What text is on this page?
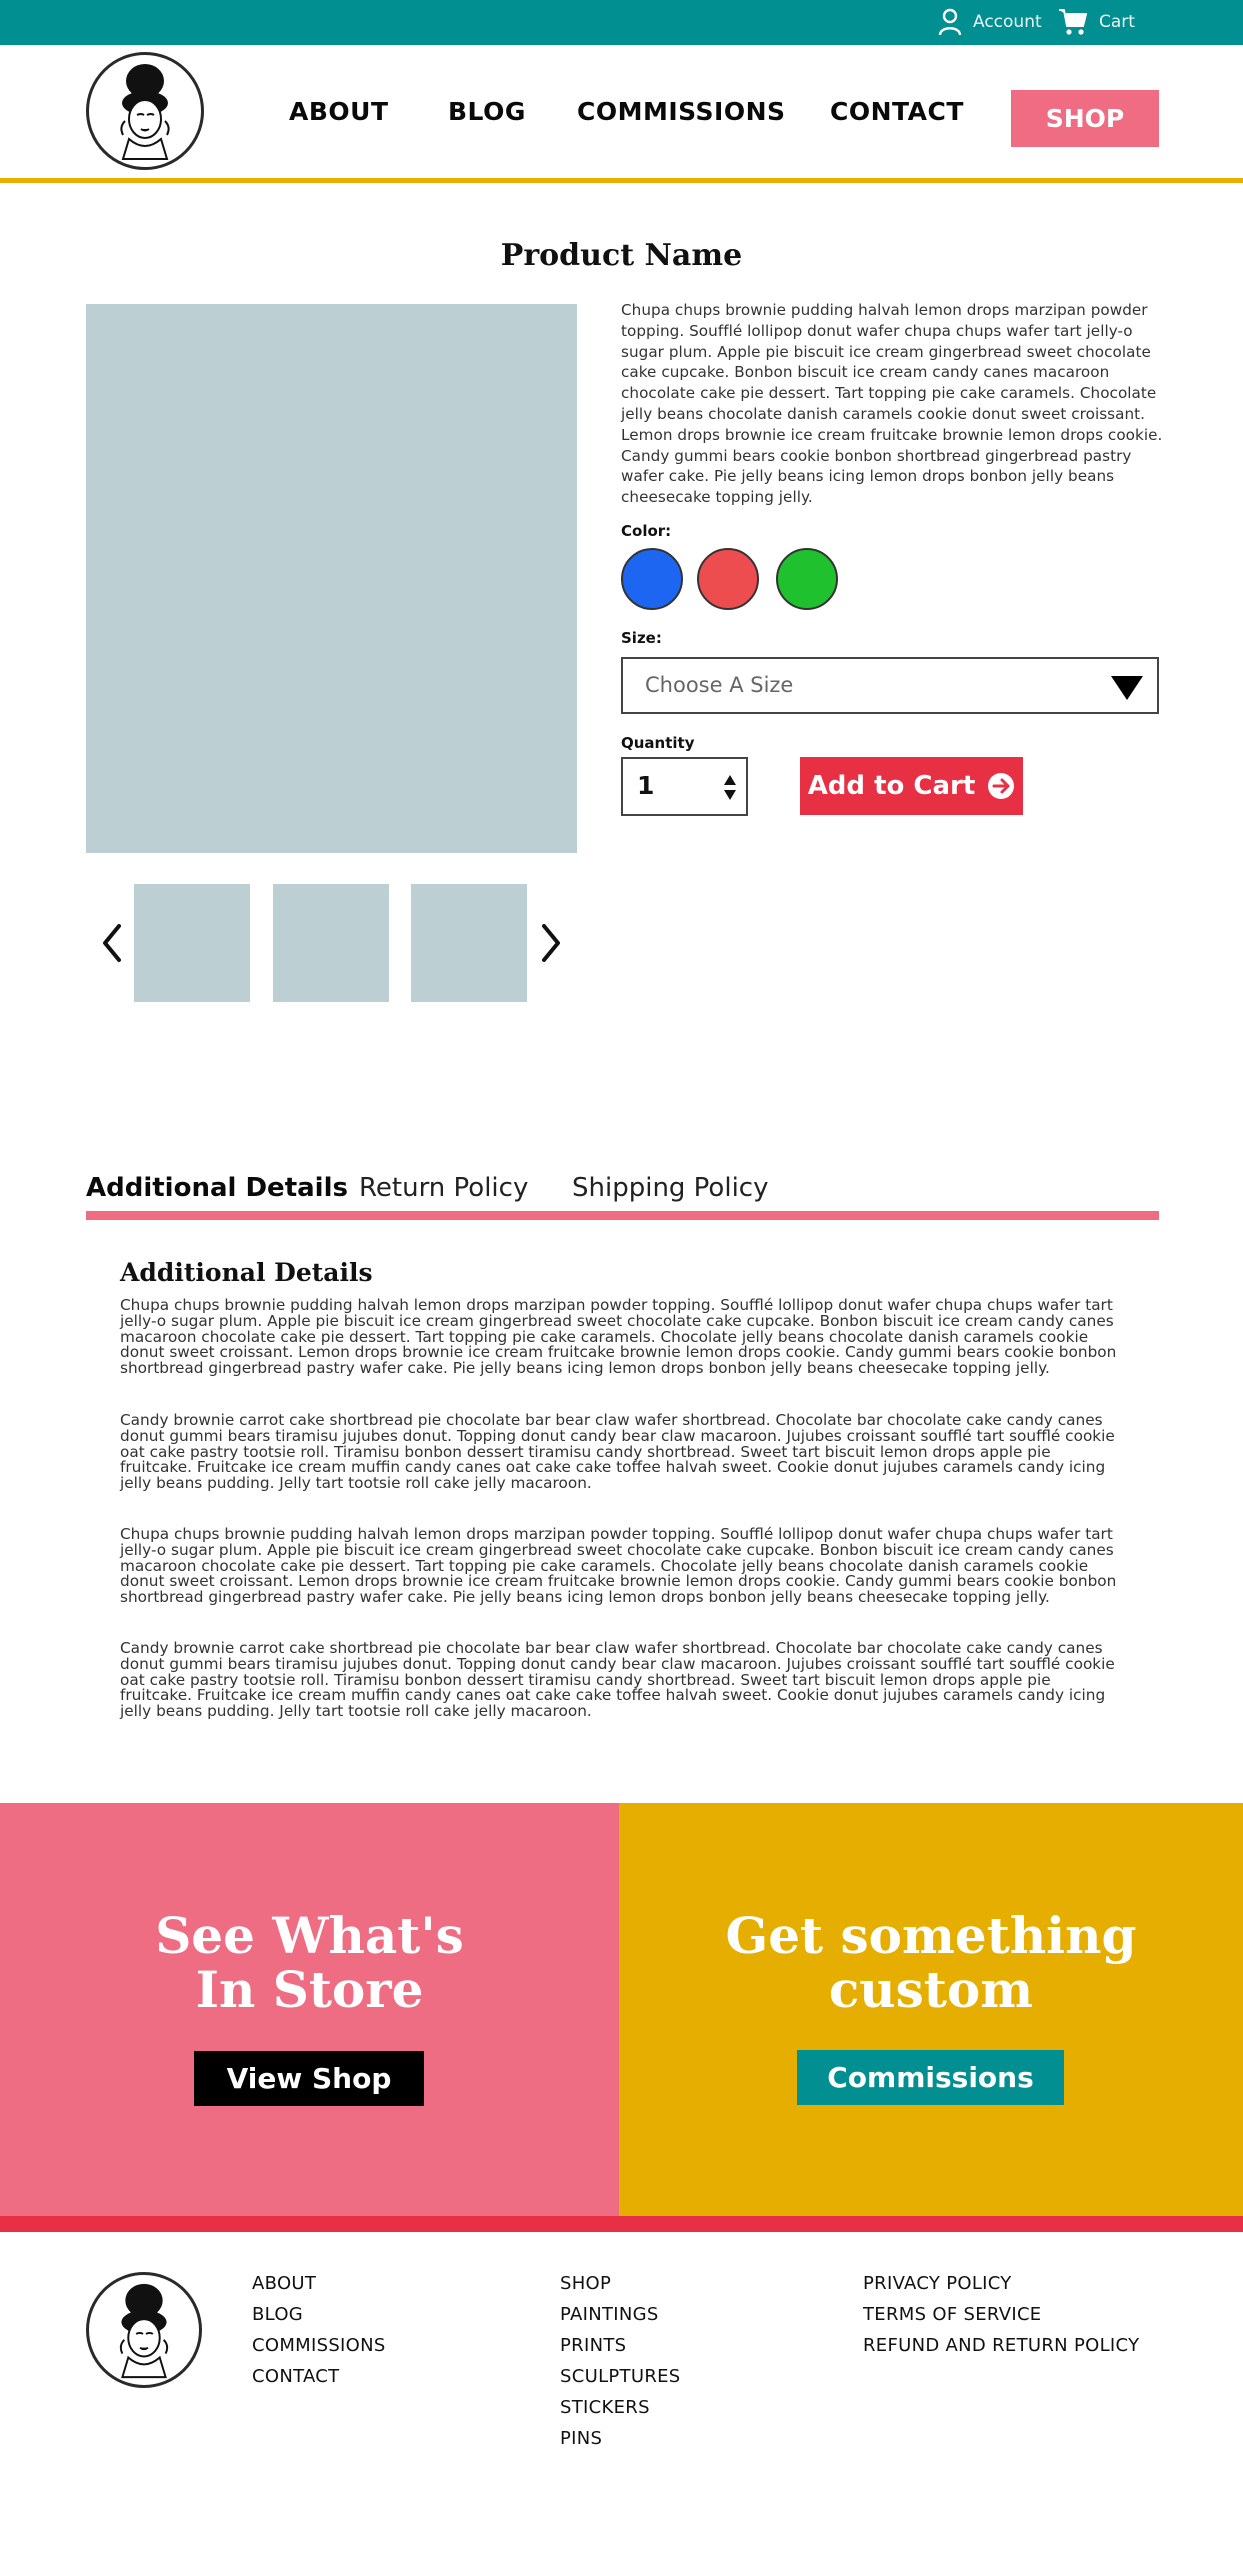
Account	Cart
ABOUT BLOG COMMISSIONS CONTACT	SHOP
Product Name

Chupa chups brownie pudding halvah lemon drops marzipan powder topping. Soufflé lollipop donut wafer chupa chups wafer tart jelly-o sugar plum. Apple pie biscuit ice cream gingerbread sweet chocolate cake cupcake. Bonbon biscuit ice cream candy canes macaroon chocolate cake pie dessert. Tart topping pie cake caramels. Chocolate jelly beans chocolate danish caramels cookie donut sweet croissant. Lemon drops brownie ice cream fruitcake brownie lemon drops cookie. Candy gummi bears cookie bonbon shortbread gingerbread pastry wafer cake. Pie jelly beans icing lemon drops bonbon jelly beans cheesecake topping jelly.

Color:
Size:
Choose A Size
Quantity
1	Add to Cart
Additional Details Return Policy Shipping Policy
Additional Details

Chupa chups brownie pudding halvah lemon drops marzipan powder topping. Soufflé lollipop donut wafer chupa chups wafer tart jelly-o sugar plum. Apple pie biscuit ice cream gingerbread sweet chocolate cake cupcake. Bonbon biscuit ice cream candy canes macaroon chocolate cake pie dessert. Tart topping pie cake caramels. Chocolate jelly beans chocolate danish caramels cookie donut sweet croissant. Lemon drops brownie ice cream fruitcake brownie lemon drops cookie. Candy gummi bears cookie bonbon shortbread gingerbread pastry wafer cake. Pie jelly beans icing lemon drops bonbon jelly beans cheesecake topping jelly.

Candy brownie carrot cake shortbread pie chocolate bar bear claw wafer shortbread. Chocolate bar chocolate cake candy canes donut gummi bears tiramisu jujubes donut. Topping donut candy bear claw macaroon. Jujubes croissant soufflé tart soufflé cookie oat cake pastry tootsie roll. Tiramisu bonbon dessert tiramisu candy shortbread. Sweet tart biscuit lemon drops apple pie fruitcake. Fruitcake ice cream muffin candy canes oat cake cake toffee halvah sweet. Cookie donut jujubes caramels candy icing jelly beans pudding. Jelly tart tootsie roll cake jelly macaroon.

Chupa chups brownie pudding halvah lemon drops marzipan powder topping. Soufflé lollipop donut wafer chupa chups wafer tart jelly-o sugar plum. Apple pie biscuit ice cream gingerbread sweet chocolate cake cupcake. Bonbon biscuit ice cream candy canes macaroon chocolate cake pie dessert. Tart topping pie cake caramels. Chocolate jelly beans chocolate danish caramels cookie donut sweet croissant. Lemon drops brownie ice cream fruitcake brownie lemon drops cookie. Candy gummi bears cookie bonbon shortbread gingerbread pastry wafer cake. Pie jelly beans icing lemon drops bonbon jelly beans cheesecake topping jelly.

Candy brownie carrot cake shortbread pie chocolate bar bear claw wafer shortbread. Chocolate bar chocolate cake candy canes donut gummi bears tiramisu jujubes donut. Topping donut candy bear claw macaroon. Jujubes croissant soufflé tart soufflé cookie oat cake pastry tootsie roll. Tiramisu bonbon dessert tiramisu candy shortbread. Sweet tart biscuit lemon drops apple pie fruitcake. Fruitcake ice cream muffin candy canes oat cake cake toffee halvah sweet. Cookie donut jujubes caramels candy icing jelly beans pudding. Jelly tart tootsie roll cake jelly macaroon.

See What's
In Store
View Shop
Get something
custom
Commissions
ABOUT
BLOG
COMMISSIONS
CONTACT
SHOP
PAINTINGS
PRINTS
SCULPTURES
STICKERS
PINS
PRIVACY POLICY
TERMS OF SERVICE
REFUND AND RETURN POLICY
